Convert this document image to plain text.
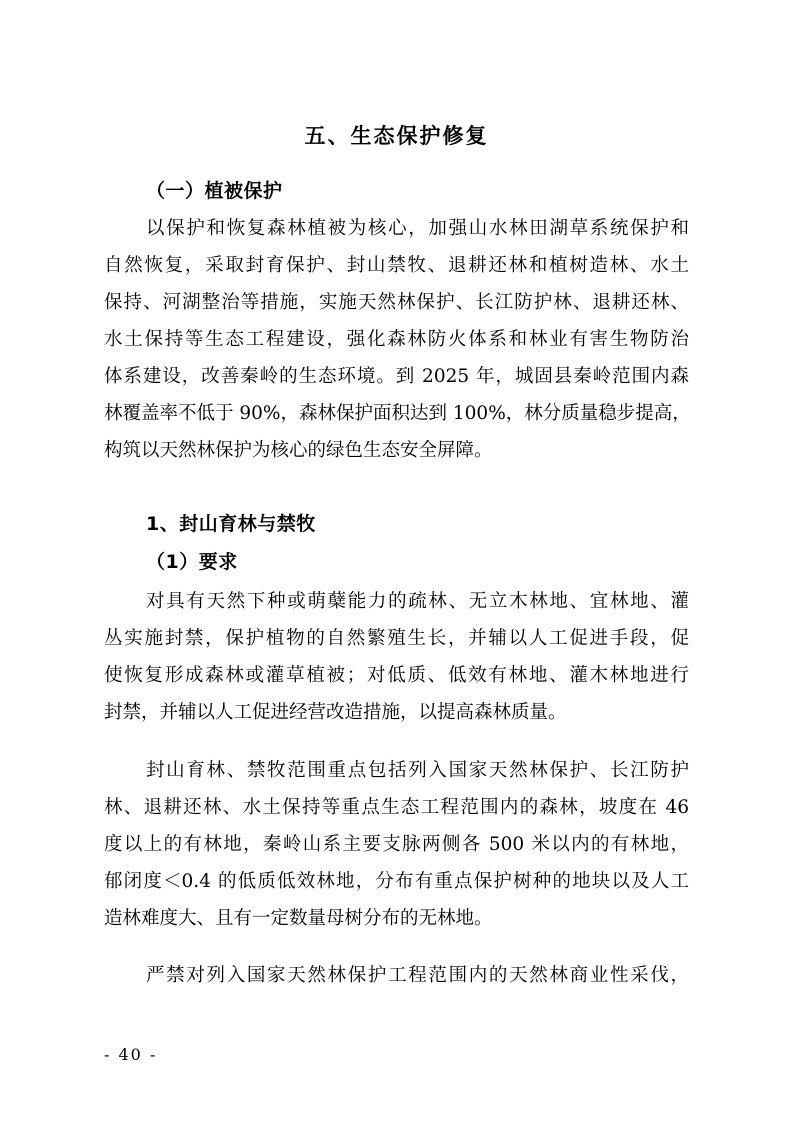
五、生态保护修复
（一）植被保护
以保护和恢复森林植被为核心，加强山水林田湖草系统保护和
自然恢复，采取封育保护、封山禁牧、退耕还林和植树造林、水土
保持、河湖整治等措施，实施天然林保护、长江防护林、退耕还林、
水土保持等生态工程建设，强化森林防火体系和林业有害生物防治
体系建设，改善秦岭的生态环境。到 2025 年，城固县秦岭范围内森
林覆盖率不低于 90%，森林保护面积达到 100%，林分质量稳步提高，
构筑以天然林保护为核心的绿色生态安全屏障。
1、封山育林与禁牧
（1）要求
对具有天然下种或萌蘖能力的疏林、无立木林地、宜林地、灌
丛实施封禁，保护植物的自然繁殖生长，并辅以人工促进手段，促
使恢复形成森林或灌草植被；对低质、低效有林地、灌木林地进行
封禁，并辅以人工促进经营改造措施，以提高森林质量。
封山育林、禁牧范围重点包括列入国家天然林保护、长江防护
林、退耕还林、水土保持等重点生态工程范围内的森林，坡度在 46
度以上的有林地，秦岭山系主要支脉两侧各 500 米以内的有林地，
郁闭度＜0.4 的低质低效林地，分布有重点保护树种的地块以及人工
造林难度大、且有一定数量母树分布的无林地。
严禁对列入国家天然林保护工程范围内的天然林商业性采伐，
- 40 -
